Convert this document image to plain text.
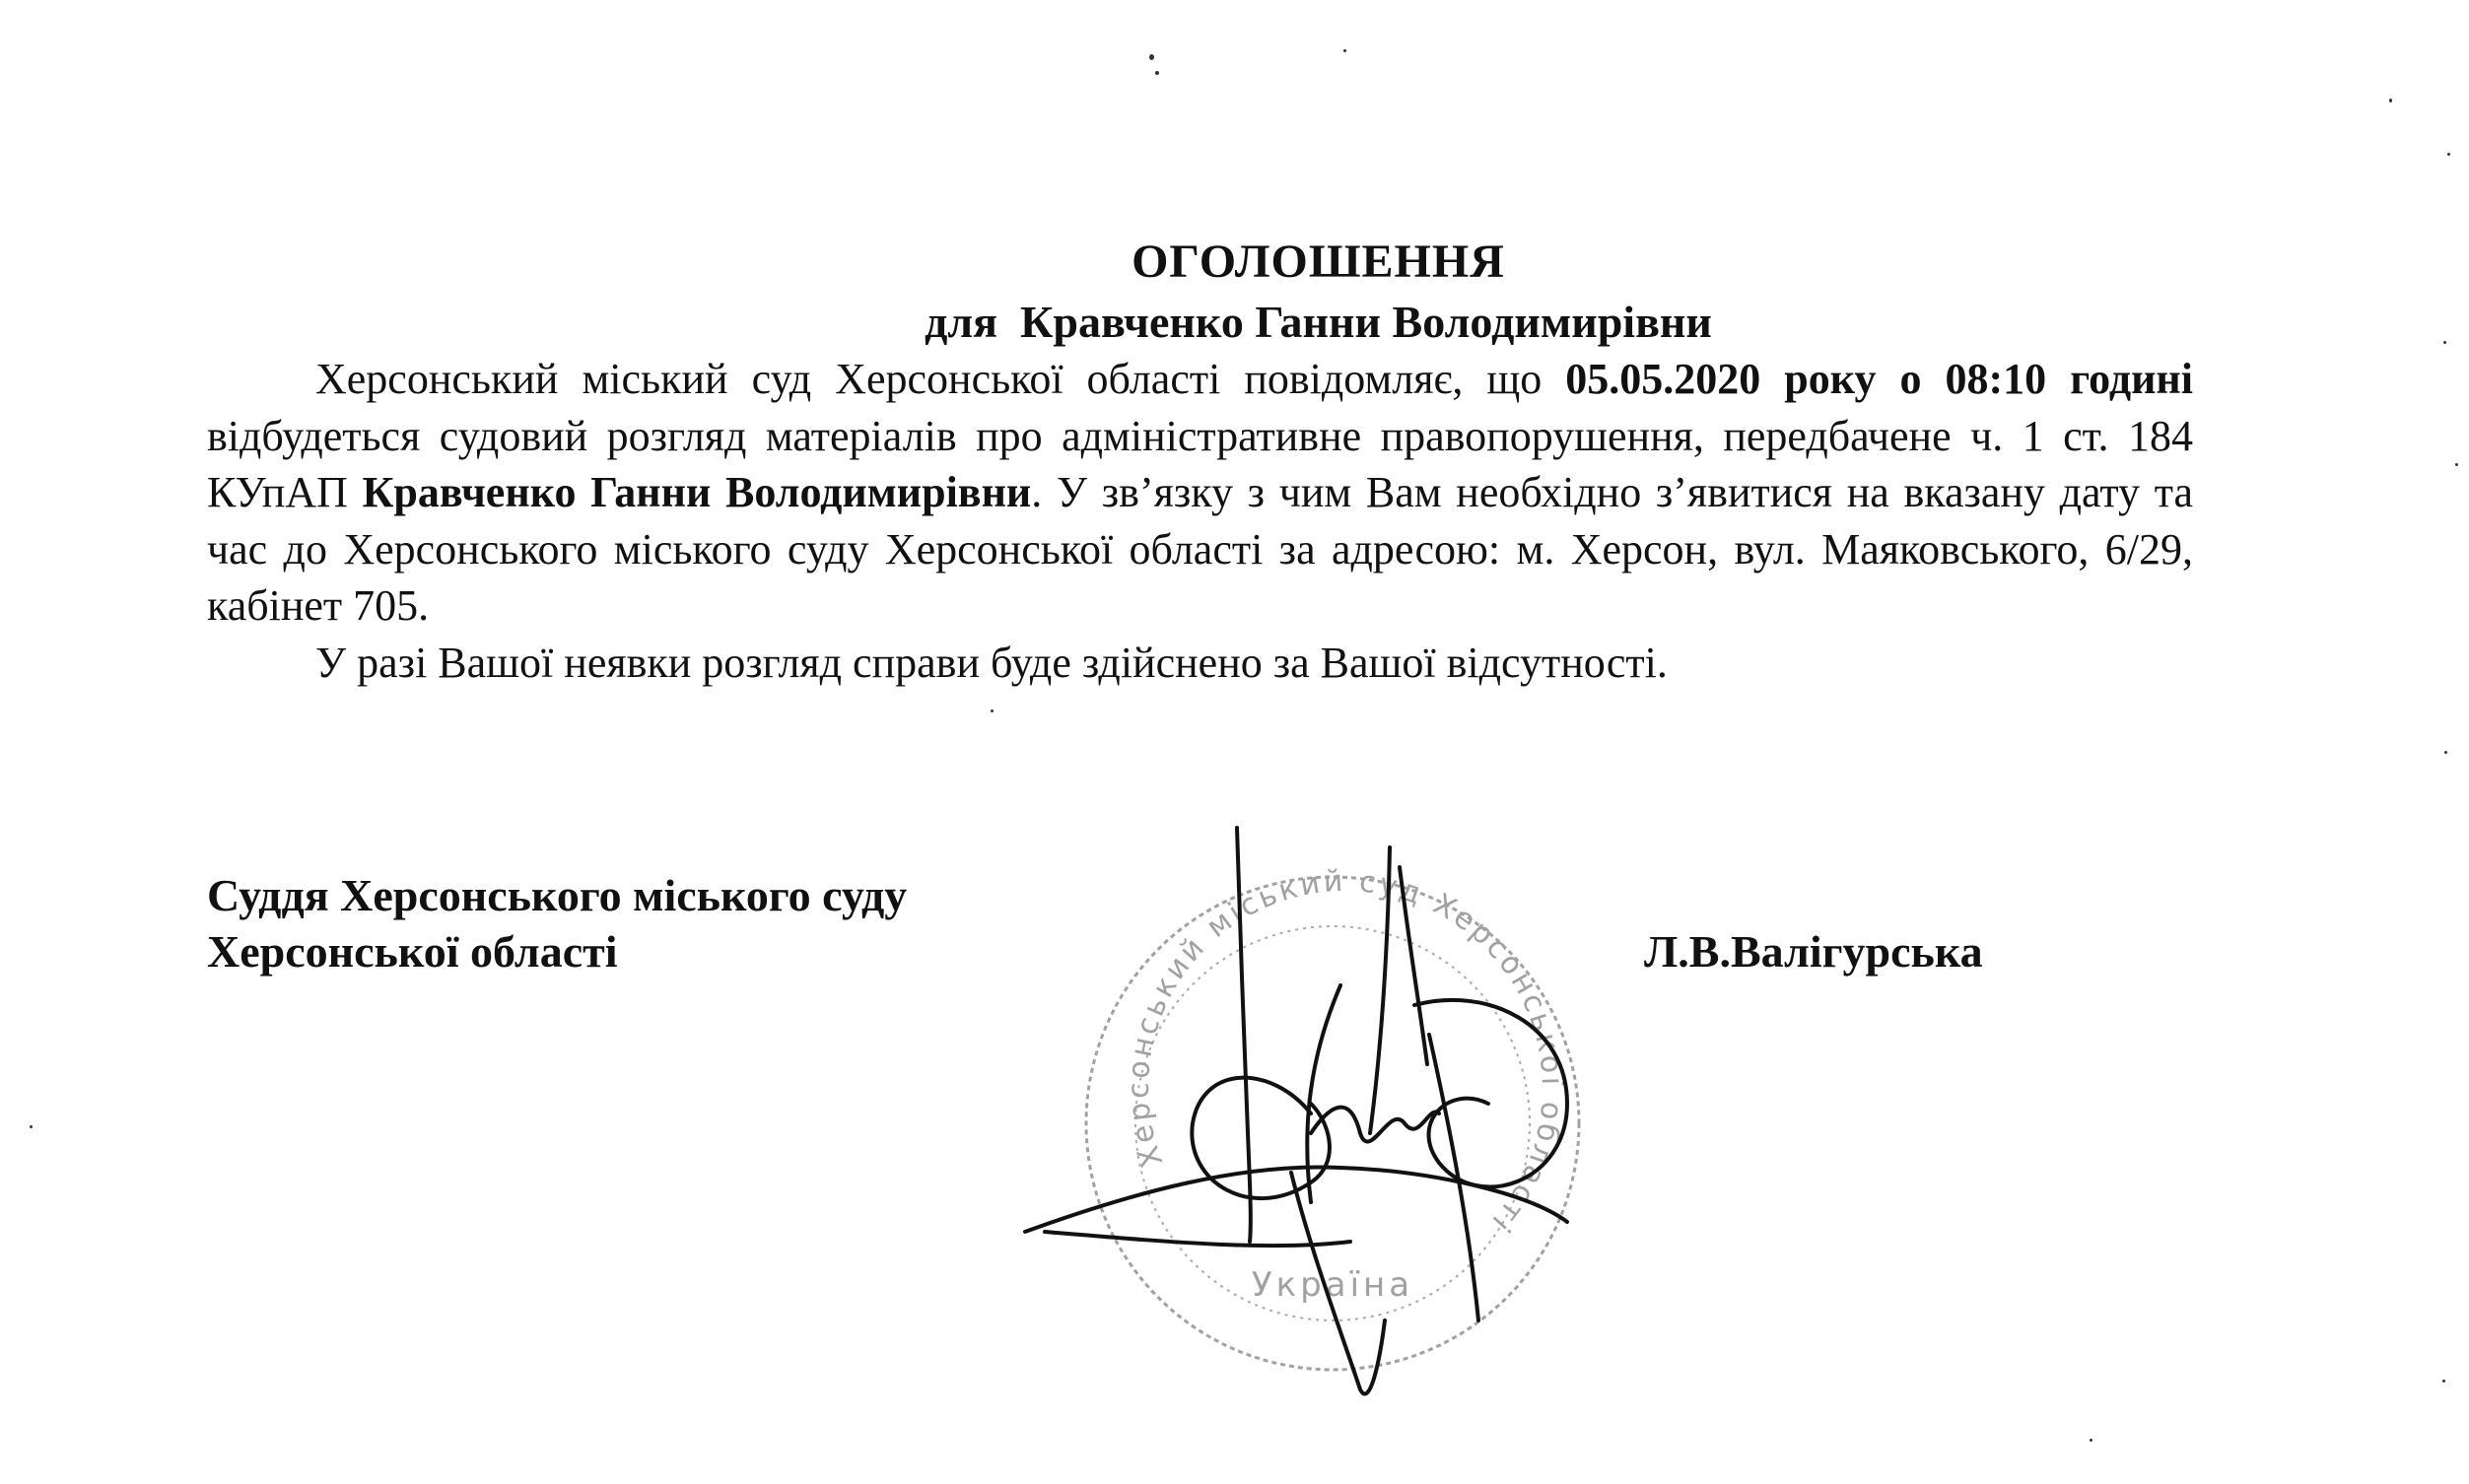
ОГОЛОШЕННЯ
для  Кравченко Ганни Володимирівни

Херсонський міський суд Херсонської області повідомляє, що 05.05.2020 року о 08:10 годині відбудеться судовий розгляд матеріалів про адміністративне правопорушення, передбачене ч. 1 ст. 184 КУпАП Кравченко Ганни Володимирівни. У зв’язку з чим Вам необхідно з’явитися на вказану дату та час до Херсонського міського суду Херсонської області за адресою: м. Херсон, вул. Маяковського, 6/29, кабінет 705.

У разі Вашої неявки розгляд справи буде здійснено за Вашої відсутності.

Суддя Херсонського міського суду
Херсонської області	Л.В.Валігурська
Херсонський міський суд Херсонської області
Україна
